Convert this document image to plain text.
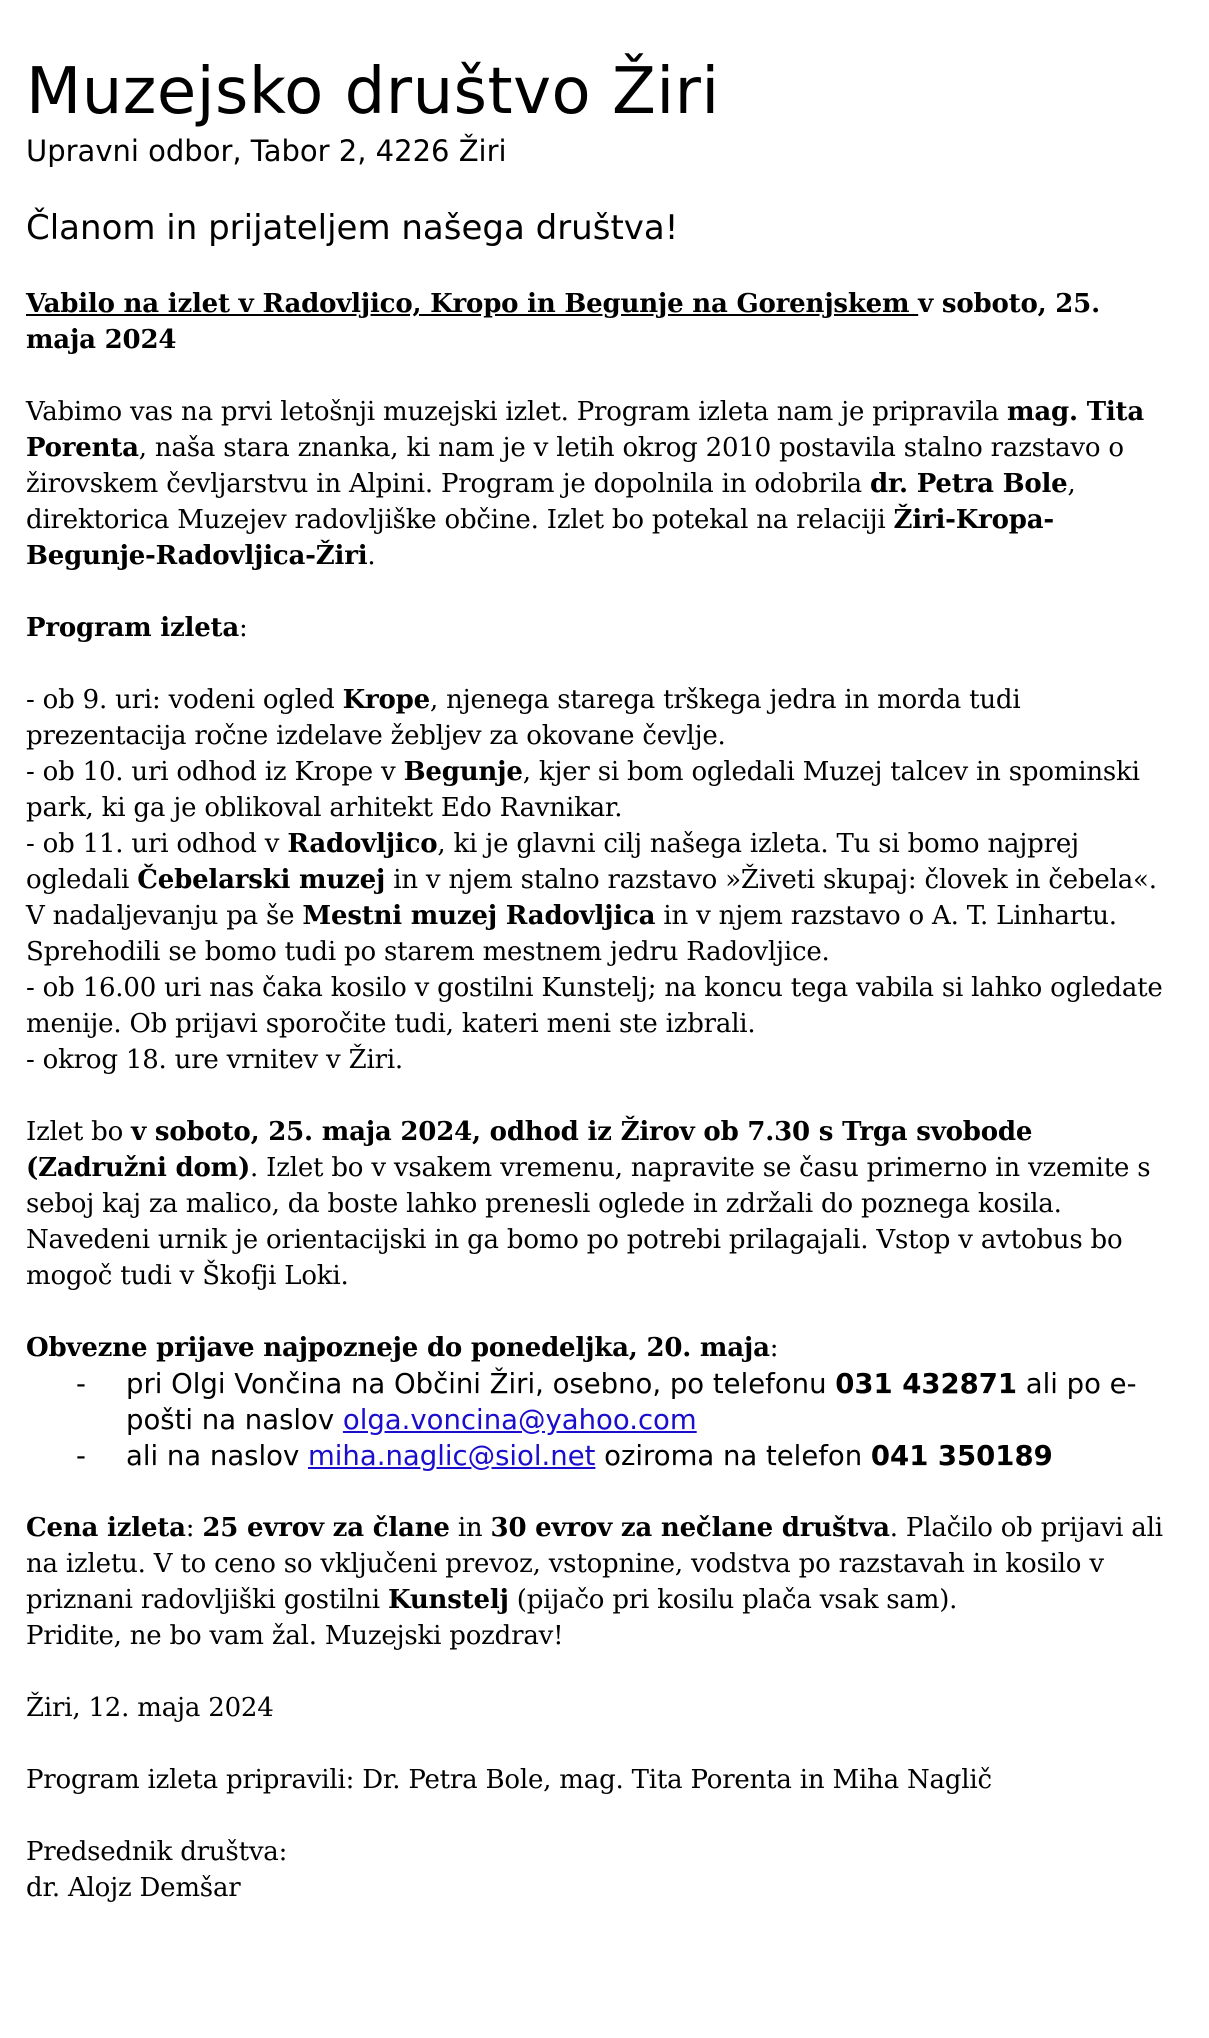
Muzejsko društvo Žiri

Upravni odbor, Tabor 2, 4226 Žiri

Članom in prijateljem našega društva!

Vabilo na izlet v Radovljico, Kropo in Begunje na Gorenjskem v soboto, 25. maja 2024

Vabimo vas na prvi letošnji muzejski izlet. Program izleta nam je pripravila mag. Tita Porenta, naša stara znanka, ki nam je v letih okrog 2010 postavila stalno razstavo o žirovskem čevljarstvu in Alpini. Program je dopolnila in odobrila dr. Petra Bole, direktorica Muzejev radovljiške občine. Izlet bo potekal na relaciji Žiri-Kropa-Begunje-Radovljica-Žiri.

Program izleta:

- ob 9. uri: vodeni ogled Krope, njenega starega trškega jedra in morda tudi prezentacija ročne izdelave žebljev za okovane čevlje.
- ob 10. uri odhod iz Krope v Begunje, kjer si bom ogledali Muzej talcev in spominski park, ki ga je oblikoval arhitekt Edo Ravnikar.
- ob 11. uri odhod v Radovljico, ki je glavni cilj našega izleta. Tu si bomo najprej ogledali Čebelarski muzej in v njem stalno razstavo »Živeti skupaj: človek in čebela«. V nadaljevanju pa še Mestni muzej Radovljica in v njem razstavo o A. T. Linhartu. Sprehodili se bomo tudi po starem mestnem jedru Radovljice.
- ob 16.00 uri nas čaka kosilo v gostilni Kunstelj; na koncu tega vabila si lahko ogledate menije. Ob prijavi sporočite tudi, kateri meni ste izbrali.
- okrog 18. ure vrnitev v Žiri.

Izlet bo v soboto, 25. maja 2024, odhod iz Žirov ob 7.30 s Trga svobode (Zadružni dom). Izlet bo v vsakem vremenu, napravite se času primerno in vzemite s seboj kaj za malico, da boste lahko prenesli oglede in zdržali do poznega kosila. Navedeni urnik je orientacijski in ga bomo po potrebi prilagajali. Vstop v avtobus bo mogoč tudi v Škofji Loki.

Obvezne prijave najpozneje do ponedeljka, 20. maja:

-	pri Olgi Vončina na Občini Žiri, osebno, po telefonu 031 432871 ali po e-pošti na naslov olga.voncina@yahoo.com
-	ali na naslov miha.naglic@siol.net oziroma na telefon 041 350189

Cena izleta: 25 evrov za člane in 30 evrov za nečlane društva. Plačilo ob prijavi ali na izletu. V to ceno so vključeni prevoz, vstopnine, vodstva po razstavah in kosilo v priznani radovljiški gostilni Kunstelj (pijačo pri kosilu plača vsak sam).
Pridite, ne bo vam žal. Muzejski pozdrav!

Žiri, 12. maja 2024

Program izleta pripravili: Dr. Petra Bole, mag. Tita Porenta in Miha Naglič

Predsednik društva:

dr. Alojz Demšar
